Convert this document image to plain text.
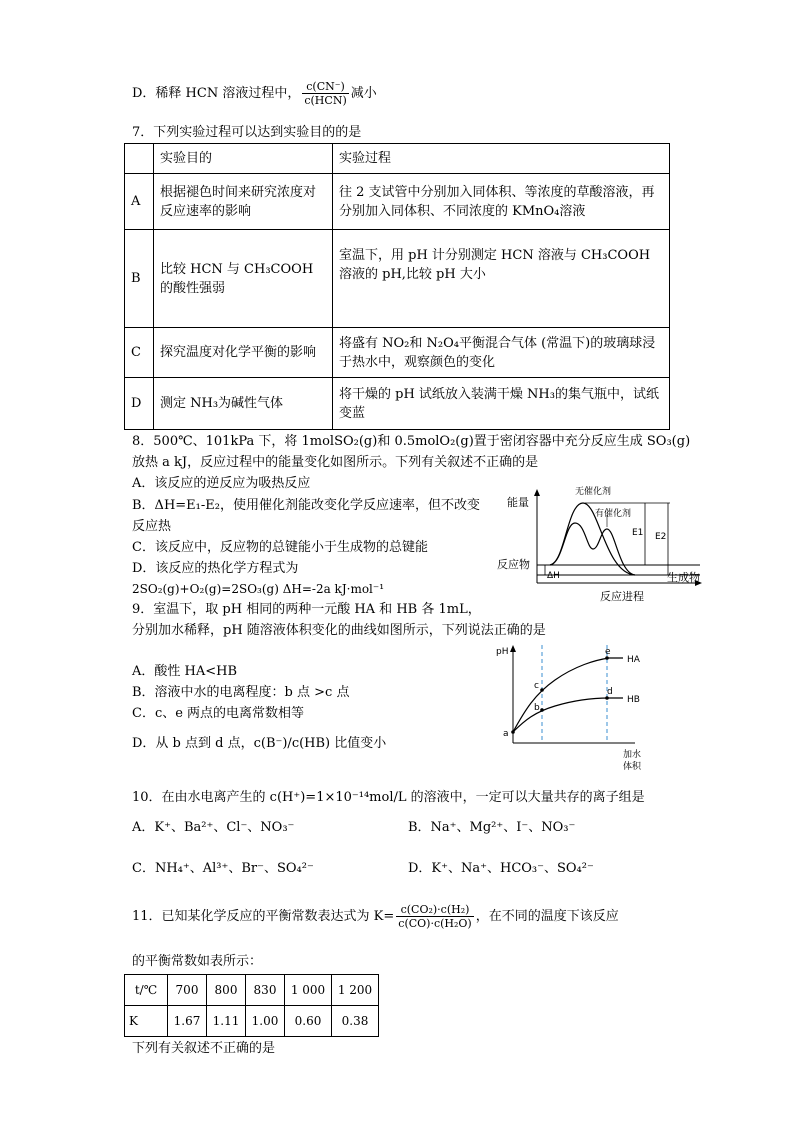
D．稀释 HCN 溶液过程中， $\frac{c(CN^-)}{\text{c(HCN)}}$ 减小
7．下列实验过程可以达到实验目的的是
	实验目的	实验过程
A	根据褪色时间来研究浓度对反应速率的影响	往 2 支试管中分别加入同体积、等浓度的草酸溶液，再分别加入同体积、不同浓度的 KMnO₄溶液
B	比较 HCN 与 CH₃COOH 的酸性强弱	室温下，用 pH 计分别测定 HCN 溶液与 CH₃COOH 溶液的 pH,比较 pH 大小
C	探究温度对化学平衡的影响	将盛有 NO₂和 N₂O₄平衡混合气体 (常温下)的玻璃球浸于热水中，观察颜色的变化
D	测定 NH₃为碱性气体	将干燥的 pH 试纸放入装满干燥 NH₃的集气瓶中，试纸变蓝
8．500℃、101kPa 下，将 1molSO₂(g)和 0.5molO₂(g)置于密闭容器中充分反应生成 SO₃(g)
放热 a kJ，反应过程中的能量变化如图所示。下列有关叙述不正确的是
A．该反应的逆反应为吸热反应
B．ΔH=E₁-E₂，使用催化剂能改变化学反应速率，但不改变
反应热
C．该反应中，反应物的总键能小于生成物的总键能
D．该反应的热化学方程式为
2SO₂(g)+O₂(g)=2SO₃(g) ΔH=-2a kJ·mol⁻¹
能量
反应进程
反应物
生成物
无催化剂
有催化剂
E1 E2
ΔH
9．室温下，取 pH 相同的两种一元酸 HA 和 HB 各 1mL，
分别加水稀释，pH 随溶液体积变化的曲线如图所示，下列说法正确的是
A．酸性 HA<HB
B．溶液中水的电离程度：b 点 >c 点
C．c、e 两点的电离常数相等
D．从 b 点到 d 点，c(B⁻)/c(HB) 比值变小
pH
加水
体积
HA
HB
a
b
c
d
e
10．在由水电离产生的 c(H⁺)=1×10⁻¹⁴mol/L 的溶液中，一定可以大量共存的离子组是
A．K⁺、Ba²⁺、Cl⁻、NO₃⁻	B．Na⁺、Mg²⁺、I⁻、NO₃⁻
C．NH₄⁺、Al³⁺、Br⁻、SO₄²⁻	D．K⁺、Na⁺、HCO₃⁻、SO₄²⁻
11．已知某化学反应的平衡常数表达式为 $K= \frac{\text{c(CO₂)·c(H₂)}}{\text{c(CO)·c(H₂O)}}$ ，在不同的温度下该反应
的平衡常数如表所示：
t/℃	700	800	830	1 000	1 200
K	1.67	1.11	1.00	0.60	0.38
下列有关叙述不正确的是
